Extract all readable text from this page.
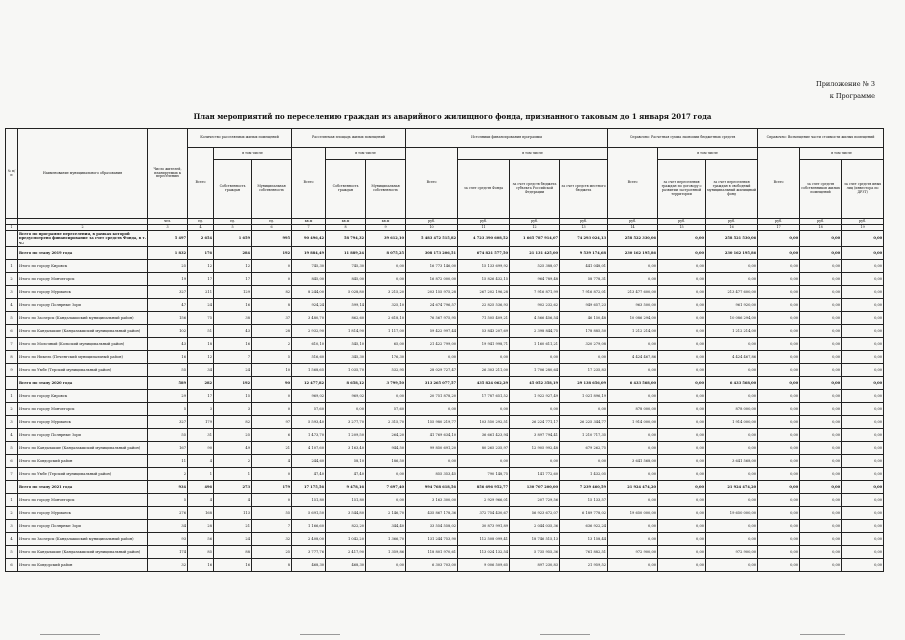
Приложение № 3
к Программе
План мероприятий по переселению граждан из аварийного жилищного фонда, признанного таковым до 1 января 2017 года
№ п/п	Наименование муниципального образования	Число жителей, планируемых к переселению	Количество расселяемых жилых помещений			Расселяемая площадь жилых помещений			Источники финансирования программы				Справочно: Расчетная сумма экономии бюджетных средств			Справочно: Возмещение части стоимости жилых помещений		
			Всего	в том числе		Всего	в том числе		Всего	в том числе			Всего	в том числе		Всего	в том числе	
				Собственность граждан	Муниципальная собственность		Собственность граждан	Муниципальная собственность		за счет средств Фонда	за счет средств бюджета субъекта Российской Федерации	за счет средств местного бюджета		за счет переселения граждан по договору о развитии застроенной территории	за счет переселения граждан в свободный муниципальный жилищный фонд		за счет средств собственников жилых помещений	за счет средств иных лиц (инвестора по ДРЗТ)
		чел.	ед.	ед.	ед.	кв.м	кв.м	кв.м	руб.	руб.	руб.	руб.	руб.	руб.	руб.	руб.	руб.	руб.
1	2	3	4	5	6	7	8	9	10	11	12	13	14	15	16	17	18	19
	Всего по программе переселения, в рамках которой предусмотрено финансирование за счет средств Фонда, в т. ч.:	5 497	2 654	1 659	995	90 496,42	58 794,32	39 612,10	5 483 472 515,82	4 723 390 608,52	1 665 787 914,07	74 293 024,13	258 522 330,06	0,00	258 521 530,06	0,00	0,00	0,00
	Всего по этапу 2019 года	1 832	176	284	192	19 884,49	11 889,24	8 075,25	308 173 206,51	674 821 577,50	21 131 425,00	9 539 174,68	230 162 195,86	0,00	230 162 195,86	0,00	0,00	0,00
1	Итого по городу Кировск	25	12	12	0	745,30	745,30	0,00	16 773 146,00	15 133 699,92	525 388,07	441 048,01	0,00	0,00	0,00	0,00	0,00	0,00
2	Итого по городу Мончегорск	19	17	17	0	845,00	845,00	0,00	16 872 000,00	15 826 432,15	964 789,48	58 778,31	0,00	0,00	0,00	0,00	0,00	0,00
3	Итого по городу Мурманск	327	211	129	82	8 244,00	5 028,80	3 215,20	203 155 975,28	267 202 196,28	7 916 871,99	7 916 872,01	213 477 600,00	0,00	213 477 600,00	0,00	0,00	0,00
4	Итого по городу Полярные Зори	47	24	16	8	924,24	599,14	325,10	24 674 796,57	22 825 536,93	902 232,62	949 657,23	963 500,00	0,00	961 920,00	0,00	0,00	0,00
5	Итого по Заозерск (Кандалакшский муниципальный район)	156	75	38	37	3 480,70	862,60	2 618,10	76 567 975,95	71 505 409,21	4 566 456,54	46 150,48	10 086 294,00	0,00	10 086 294,00	0,00	0,00	0,00
6	Итого по Кандалакше (Кандалакшский муниципальный район)	102	51	43	28	2 932,90	1 814,90	1 117,00	59 422 997,44	53 843 207,69	2 398 844,75	178 885,50	1 212 214,00	0,00	1 212 214,00	0,00	0,00	0,00
7	Итого по Молочный (Кольский муниципальный район)	43	18	16	2	610,10	545,10	65,00	21 422 799,00	19 941 998,71	1 160 611,21	320 279,08	0,00	0,00	0,00	0,00	0,00	0,00
8	Итого по Никель (Печенгский муниципальный район)	16	12	7	5	516,60	345,30	176,30	0,00	0,00	0,00	0,00	4 424 467,86	0,00	4 424 467,86	0,00	0,00	0,00
9	Итого по Умбе (Терский муниципальный район)	55	34	24	10	1 568,65	1 035,70	532,95	28 029 727,47	26 303 211,00	1 706 280,64	17 235,83	0,00	0,00	0,00	0,00	0,00	0,00
	Всего по этапу 2020 года	589	282	192	90	12 477,82	8 658,12	3 799,50	313 265 077,57	435 824 062,29	45 052 358,19	29 138 656,09	6 433 568,00	0,00	6 433 568,00	0,00	0,00	0,00
1	Итого по городу Кировск	29	17	15	0	969,02	969,02	0,00	20 751 878,20	17 787 651,52	1 922 927,49	1 021 896,19	0,00	0,00	0,00	0,00	0,00	0,00
2	Итого по городу Мончегорск	5	3	3	0	57,60	0,00	57,60	0,00	0,00	0,00	0,00	878 000,00	0,00	878 000,00	0,00	0,00	0,00
3	Итого по городу Мурманск	327	179	82	97	5 593,40	3 277,70	2 315,70	155 980 219,77	103 550 292,51	26 224 771,17	26 225 344,77	1 914 000,00	0,00	1 914 000,00	0,00	0,00	0,00
4	Итого по городу Полярные Зори	55	31	25	6	1 473,70	1 209,50	264,20	41 769 634,10	36 661 423,94	3 897 794,41	1 210 717,35	0,00	0,00	0,00	0,00	0,00	0,00
5	Итого по Кандалакше (Кандалакшский муниципальный район)	167	90	49	21	4 107,60	3 163,40	944,50	99 850 691,20	80 265 235,97	12 905 992,48	679 262,75	0,00	0,00	0,00	0,00	0,00	0,00
6	Итого по Ковдорский район	11	4	2	4	244,60	58,10	186,50	0,00	0,00	0,00	0,00	3 641 568,00	0,00	3 641 568,00	0,00	0,00	0,00
7	Итого по Умбе (Терский муниципальный район)	2	1	1	0	47,40	47,40	0,00	855 353,45	790 148,75	141 772,60	1 432,05	0,00	0,00	0,00	0,00	0,00	0,00
	Всего по этапу 2021 года	934	496	273	179	17 175,56	9 478,16	7 697,40	994 768 618,56	856 696 952,77	130 707 200,00	7 239 460,59	21 924 474,20	0,00	21 924 474,20	0,00	0,00	0,00
1	Итого по городу Мончегорск	5	4	4	0	151,80	151,80	0,00	3 163 300,00	2 929 966,01	207 729,56	15 133,57	0,00	0,00	0,00	0,00	0,00	0,00
2	Итого по городу Мурманск	276	168	113	55	5 691,50	3 544,80	2 146,70	435 867 178,36	372 754 430,67	56 923 672,07	6 189 778,02	19 650 000,00	0,00	19 650 000,00	0,00	0,00	0,00
3	Итого по городу Полярные Зори	34	28	21	7	1 166,60	822,20	344,40	33 554 558,02	30 873 991,89	2 044 035,36	636 922,24	0,00	0,00	0,00	0,00	0,00	0,00
4	Итого по Заозерск (Кандалакшский муниципальный район)	93	56	24	32	2 408,00	1 042,20	1 366,70	131 244 753,90	112 508 099,41	18 746 515,13	13 158,44	0,00	0,00	0,00	0,00	0,00	0,00
5	Итого по Кандалакше (Кандалакшский муниципальный район)	174	85	88	25	3 777,76	2 417,90	1 359,86	118 801 970,61	113 024 132,54	5 735 955,36	761 882,51	972 900,00	0,00	972 900,00	0,00	0,00	0,00
6	Итого по Ковдорский район	32	16	16	8	468,30	468,30	0,00	6 303 703,00	9 006 509,65	897 230,83	21 959,52	0,00	0,00	0,00	0,00	0,00	0,00
